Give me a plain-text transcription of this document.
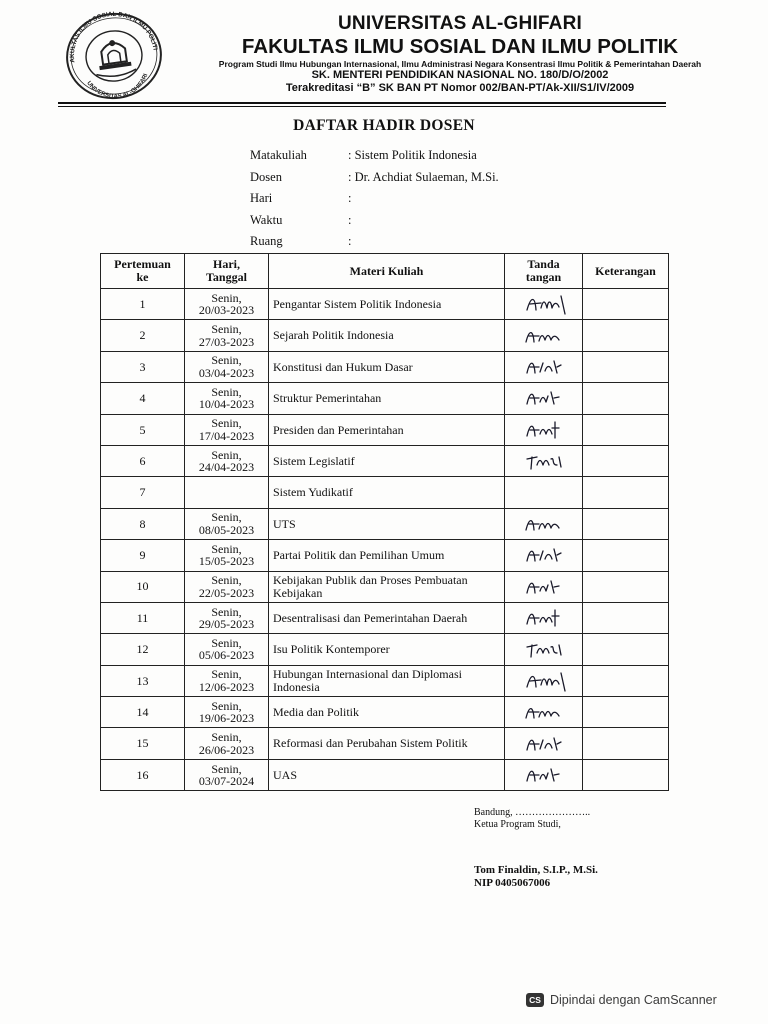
FAKULTAS ILMU SOSIAL DAN ILMU POLITIK
UNIVERSITAS AL-GHIFARI
UNIVERSITAS AL-GHIFARI
FAKULTAS ILMU SOSIAL DAN ILMU POLITIK
Program Studi Ilmu Hubungan Internasional, Ilmu Administrasi Negara Konsentrasi Ilmu Politik & Pemerintahan Daerah
SK. MENTERI PENDIDIKAN NASIONAL NO. 180/D/O/2002
Terakreditasi “B” SK BAN PT Nomor 002/BAN-PT/Ak-XII/S1/IV/2009
DAFTAR HADIR DOSEN
Matakuliah	: Sistem Politik Indonesia
Dosen	: Dr. Achdiat Sulaeman, M.Si.
Hari	:
Waktu	:
Ruang	:
Pertemuan
ke	Hari,
Tanggal	Materi Kuliah	Tanda
tangan	Keterangan
1	Senin,
20/03-2023	Pengantar Sistem Politik Indonesia	

2	Senin,
27/03-2023	Sejarah Politik Indonesia	

3	Senin,
03/04-2023	Konstitusi dan Hukum Dasar	

4	Senin,
10/04-2023	Struktur Pemerintahan	

5	Senin,
17/04-2023	Presiden dan Pemerintahan	

6	Senin,
24/04-2023	Sistem Legislatif	

7		Sistem Yudikatif		
8	Senin,
08/05-2023	UTS	

9	Senin,
15/05-2023	Partai Politik dan Pemilihan Umum	

10	Senin,
22/05-2023	Kebijakan Publik dan Proses Pembuatan Kebijakan	

11	Senin,
29/05-2023	Desentralisasi dan Pemerintahan Daerah	

12	Senin,
05/06-2023	Isu Politik Kontemporer	

13	Senin,
12/06-2023	Hubungan Internasional dan Diplomasi Indonesia	

14	Senin,
19/06-2023	Media dan Politik	

15	Senin,
26/06-2023	Reformasi dan Perubahan Sistem Politik	

16	Senin,
03/07-2024	UAS	

Bandung, …………………..
Ketua Program Studi,
Tom Finaldin, S.I.P., M.Si.
NIP 0405067006
CS Dipindai dengan CamScanner
